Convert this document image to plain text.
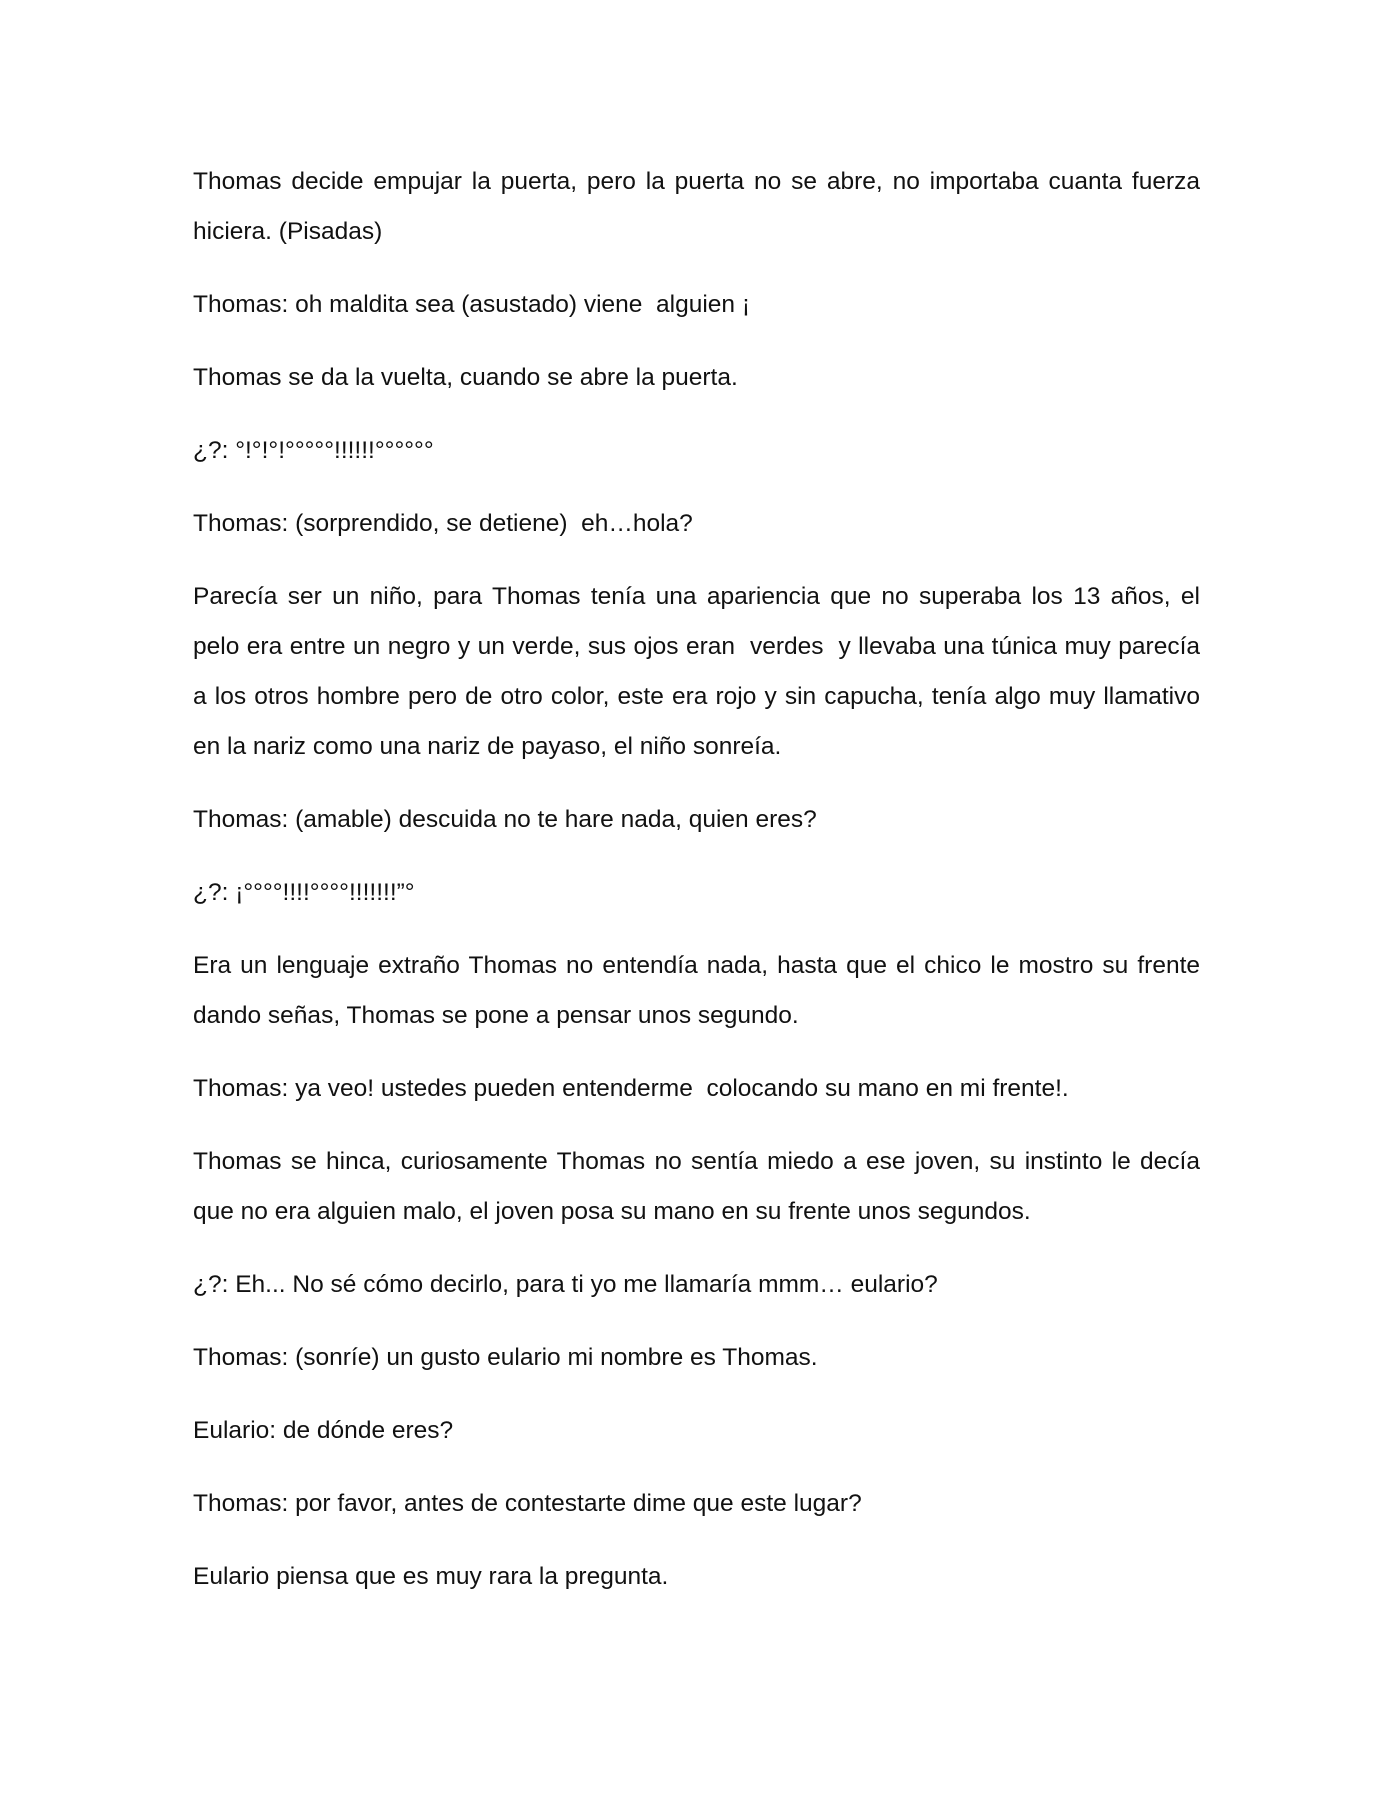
Thomas decide empujar la puerta, pero la puerta no se abre, no importaba cuanta fuerza hiciera. (Pisadas)

Thomas: oh maldita sea (asustado) viene  alguien ¡

Thomas se da la vuelta, cuando se abre la puerta.

¿?: °!°!°!°°°°°!!!!!!°°°°°°

Thomas: (sorprendido, se detiene)  eh…hola?

Parecía ser un niño, para Thomas tenía una apariencia que no superaba los 13 años, el pelo era entre un negro y un verde, sus ojos eran  verdes  y llevaba una túnica muy parecía a los otros hombre pero de otro color, este era rojo y sin capucha, tenía algo muy llamativo en la nariz como una nariz de payaso, el niño sonreía.

Thomas: (amable) descuida no te hare nada, quien eres?

¿?: ¡°°°°!!!!°°°°!!!!!!!”°

Era un lenguaje extraño Thomas no entendía nada, hasta que el chico le mostro su frente dando señas, Thomas se pone a pensar unos segundo.

Thomas: ya veo! ustedes pueden entenderme  colocando su mano en mi frente!.

Thomas se hinca, curiosamente Thomas no sentía miedo a ese joven, su instinto le decía que no era alguien malo, el joven posa su mano en su frente unos segundos.

¿?: Eh... No sé cómo decirlo, para ti yo me llamaría mmm… eulario?

Thomas: (sonríe) un gusto eulario mi nombre es Thomas.

Eulario: de dónde eres?

Thomas: por favor, antes de contestarte dime que este lugar?

Eulario piensa que es muy rara la pregunta.
